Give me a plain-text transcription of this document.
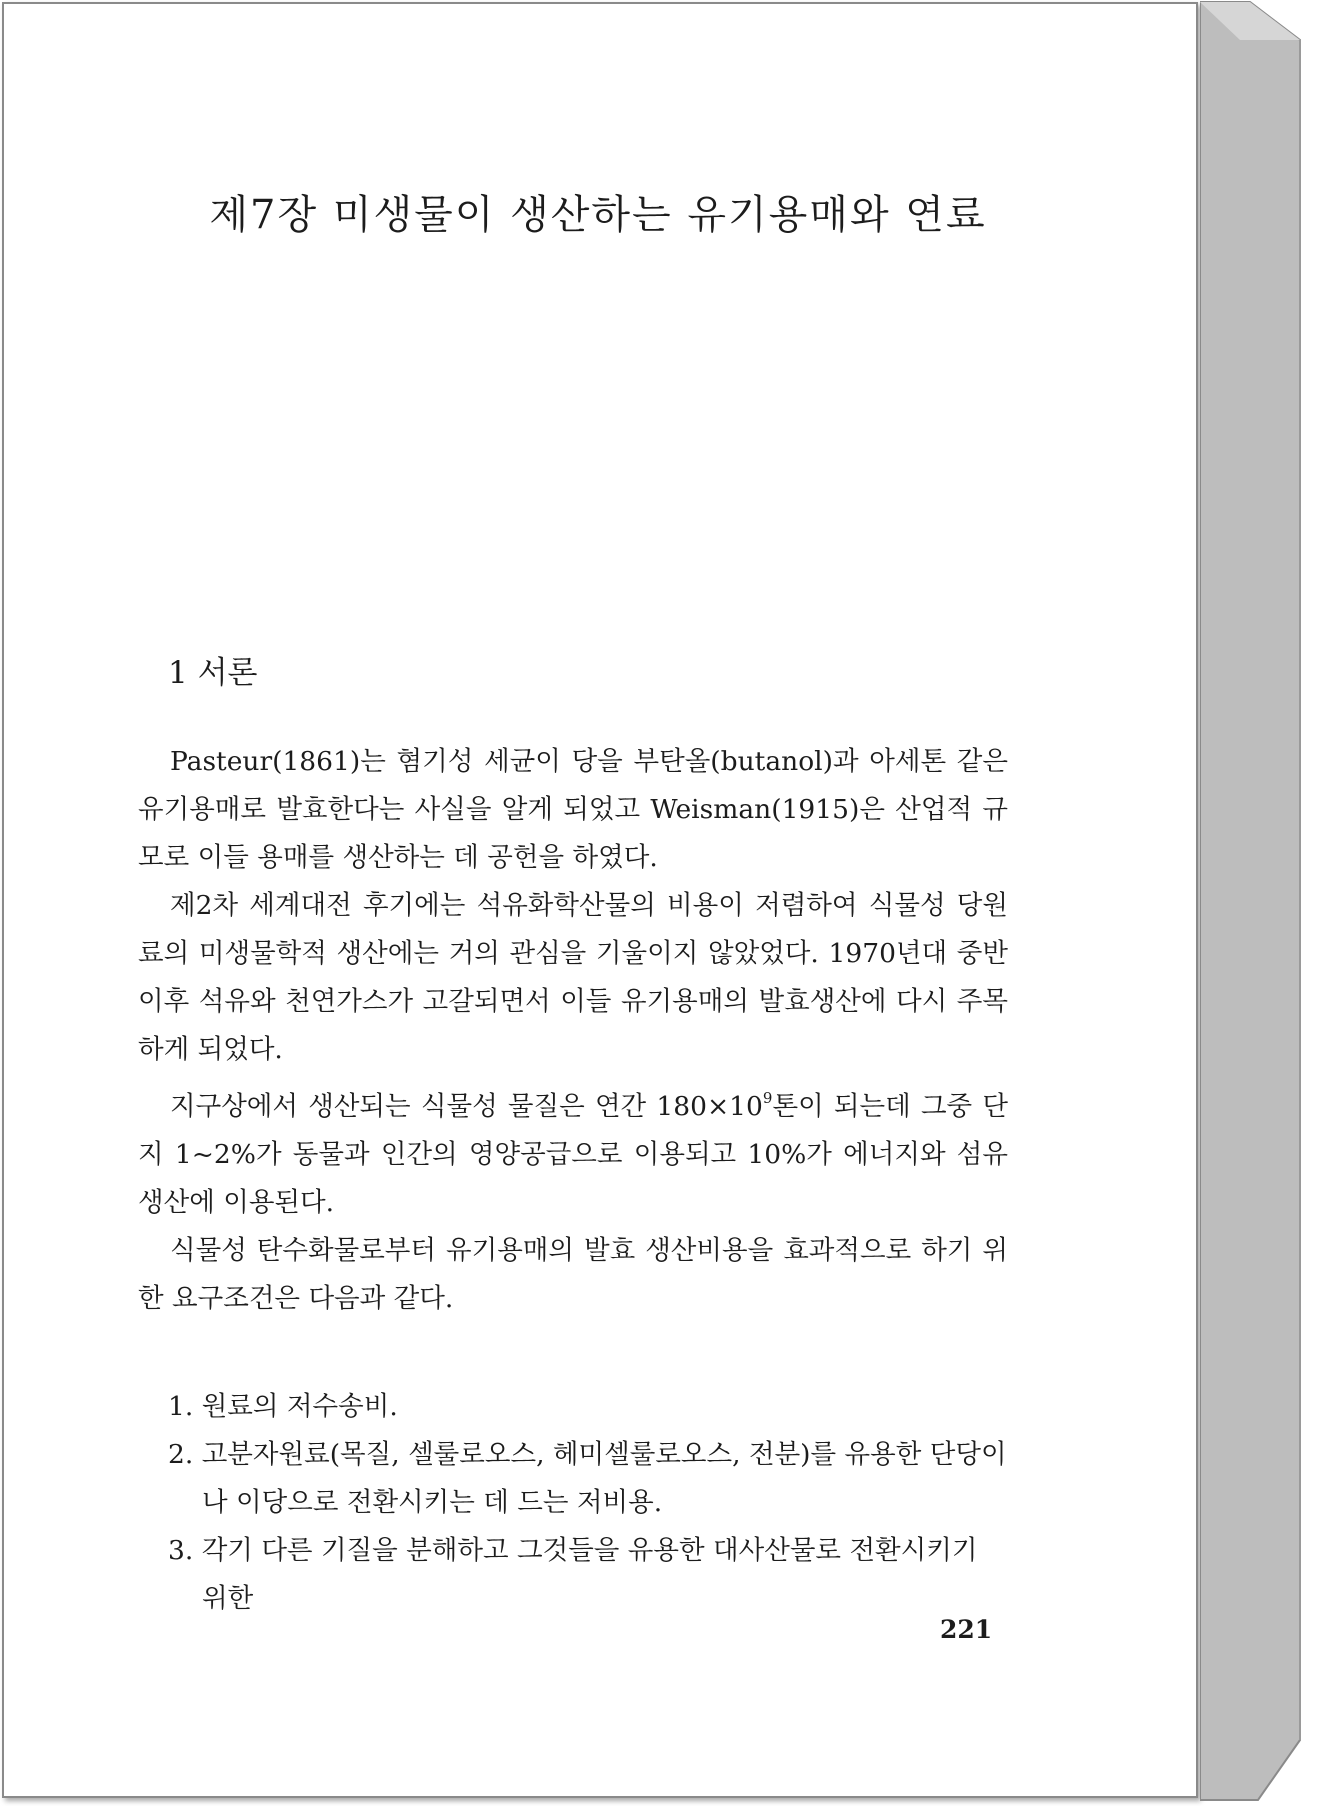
제7장 미생물이 생산하는 유기용매와 연료
1 서론

Pasteur(1861)는 혐기성 세균이 당을 부탄올(butanol)과 아세톤 같은 유기용매로 발효한다는 사실을 알게 되었고 Weisman(1915)은 산업적 규모로 이들 용매를 생산하는 데 공헌을 하였다.

제2차 세계대전 후기에는 석유화학산물의 비용이 저렴하여 식물성 당원료의 미생물학적 생산에는 거의 관심을 기울이지 않았었다. 1970년대 중반 이후 석유와 천연가스가 고갈되면서 이들 유기용매의 발효생산에 다시 주목하게 되었다.

지구상에서 생산되는 식물성 물질은 연간 $180\times 10^9$톤이 되는데 그중 단지 1~2%가 동물과 인간의 영양공급으로 이용되고 10%가 에너지와 섬유생산에 이용된다.

식물성 탄수화물로부터 유기용매의 발효 생산비용을 효과적으로 하기 위한 요구조건은 다음과 같다.

1. 원료의 저수송비.
2. 고분자원료(목질, 셀룰로오스, 헤미셀룰로오스, 전분)를 유용한 단당이나 이당으로 전환시키는 데 드는 저비용.
3. 각기 다른 기질을 분해하고 그것들을 유용한 대사산물로 전환시키기 위한
221
